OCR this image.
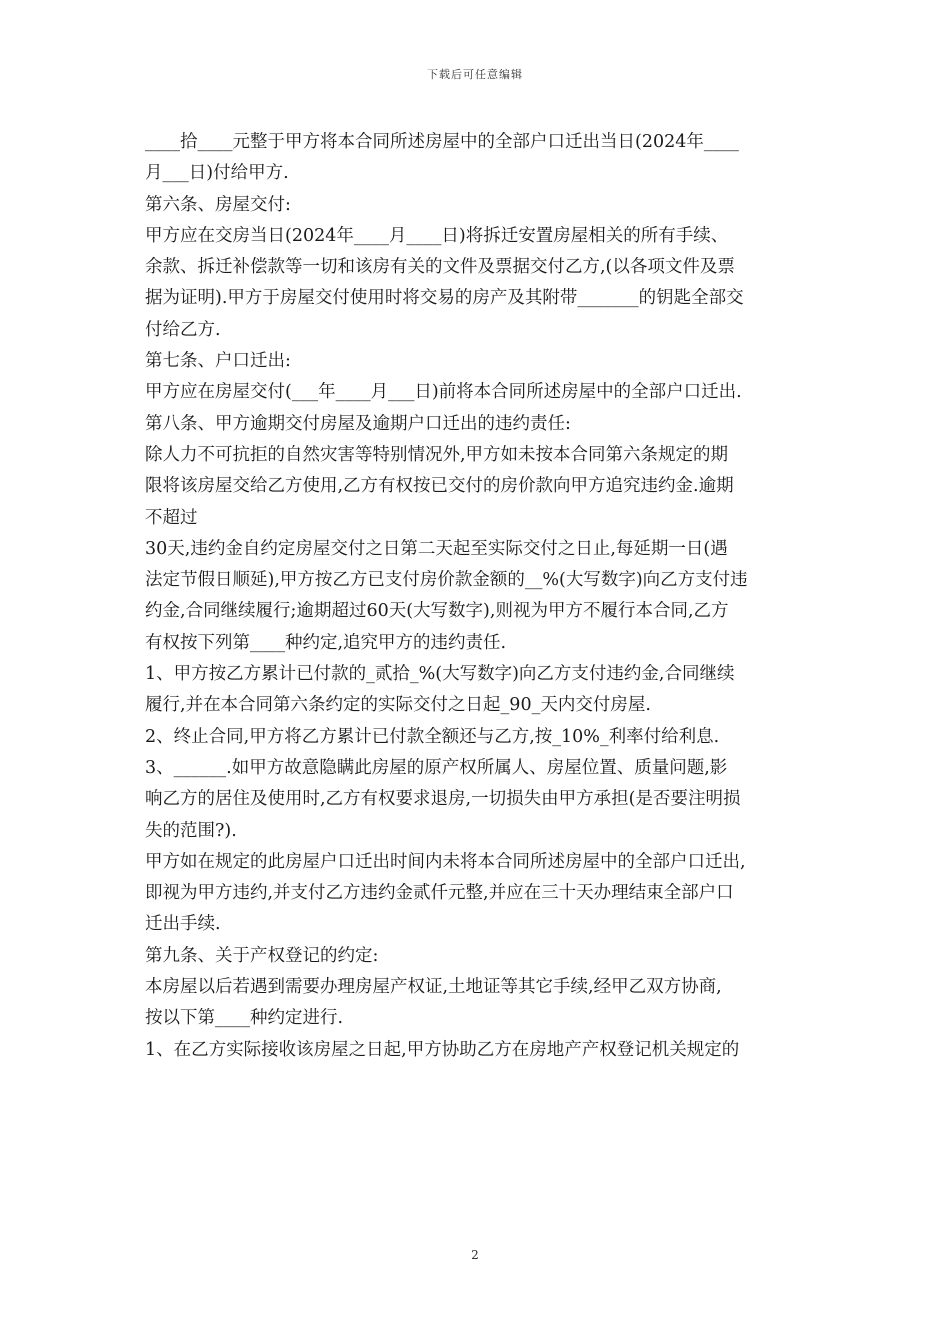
下载后可任意编辑

____拾____元整于甲方将本合同所述房屋中的全部户口迁出当日(2024年____

月___日)付给甲方.

第六条、房屋交付:

甲方应在交房当日(2024年____月____日)将拆迁安置房屋相关的所有手续、

余款、拆迁补偿款等一切和该房有关的文件及票据交付乙方,(以各项文件及票

据为证明).甲方于房屋交付使用时将交易的房产及其附带_______的钥匙全部交

付给乙方.

第七条、户口迁出:

甲方应在房屋交付(___年____月___日)前将本合同所述房屋中的全部户口迁出.

第八条、甲方逾期交付房屋及逾期户口迁出的违约责任:

除人力不可抗拒的自然灾害等特别情况外,甲方如未按本合同第六条规定的期

限将该房屋交给乙方使用,乙方有权按已交付的房价款向甲方追究违约金.逾期

不超过

30天,违约金自约定房屋交付之日第二天起至实际交付之日止,每延期一日(遇

法定节假日顺延),甲方按乙方已支付房价款金额的__%(大写数字)向乙方支付违

约金,合同继续履行;逾期超过60天(大写数字),则视为甲方不履行本合同,乙方

有权按下列第____种约定,追究甲方的违约责任.

1、甲方按乙方累计已付款的_贰拾_%(大写数字)向乙方支付违约金,合同继续

履行,并在本合同第六条约定的实际交付之日起_90_天内交付房屋.

2、终止合同,甲方将乙方累计已付款全额还与乙方,按_10%_利率付给利息.

3、______.如甲方故意隐瞒此房屋的原产权所属人、房屋位置、质量问题,影

响乙方的居住及使用时,乙方有权要求退房,一切损失由甲方承担(是否要注明损

失的范围?).

甲方如在规定的此房屋户口迁出时间内未将本合同所述房屋中的全部户口迁出,

即视为甲方违约,并支付乙方违约金贰仟元整,并应在三十天办理结束全部户口

迁出手续.

第九条、关于产权登记的约定:

本房屋以后若遇到需要办理房屋产权证,土地证等其它手续,经甲乙双方协商,

按以下第____种约定进行.

1、在乙方实际接收该房屋之日起,甲方协助乙方在房地产产权登记机关规定的

2
